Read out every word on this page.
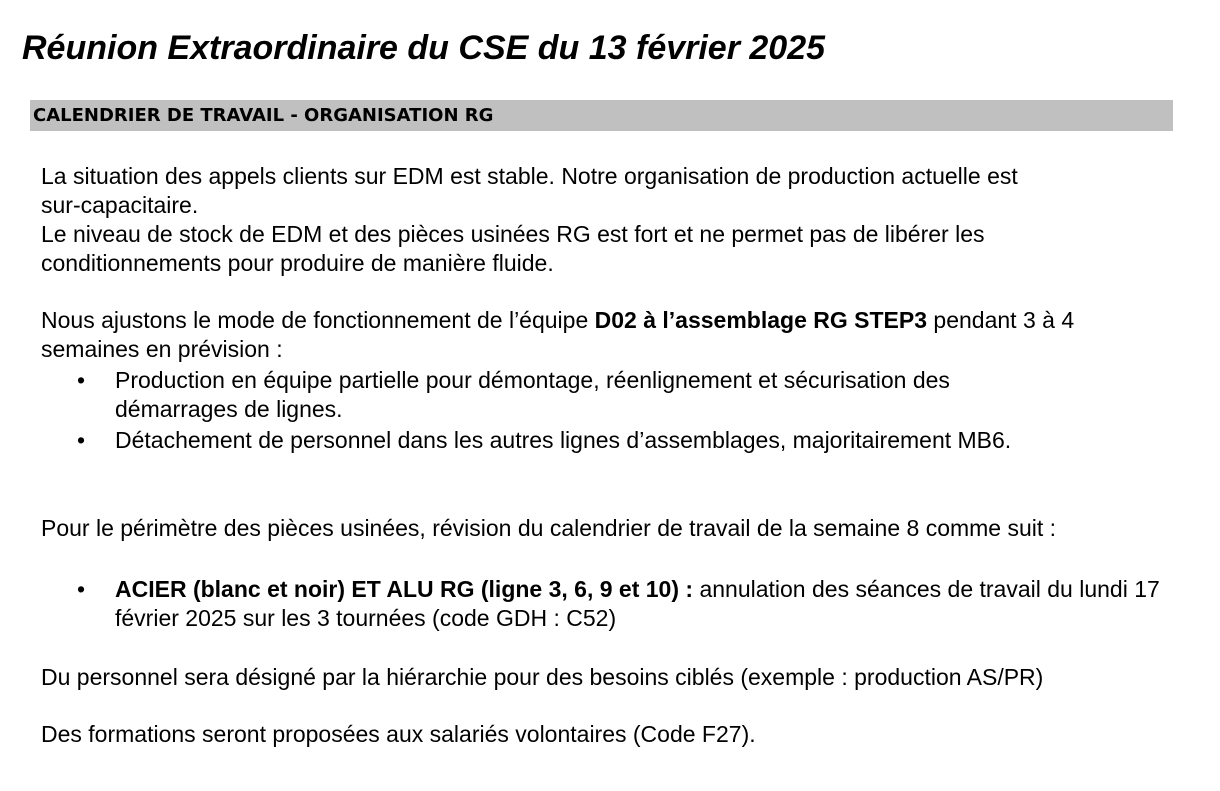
Réunion Extraordinaire du CSE du 13 février 2025
CALENDRIER DE TRAVAIL - ORGANISATION RG

La situation des appels clients sur EDM est stable. Notre organisation de production actuelle est
sur-capacitaire.
Le niveau de stock de EDM et des pièces usinées RG est fort et ne permet pas de libérer les
conditionnements pour produire de manière fluide.

Nous ajustons le mode de fonctionnement de l’équipe D02 à l’assemblage RG STEP3 pendant 3 à 4
semaines en prévision :

• Production en équipe partielle pour démontage, réenlignement et sécurisation des
démarrages de lignes.
• Détachement de personnel dans les autres lignes d’assemblages, majoritairement MB6.

Pour le périmètre des pièces usinées, révision du calendrier de travail de la semaine 8 comme suit :

• ACIER (blanc et noir) ET ALU RG (ligne 3, 6, 9 et 10) : annulation des séances de travail du lundi 17
février 2025 sur les 3 tournées (code GDH : C52)

Du personnel sera désigné par la hiérarchie pour des besoins ciblés (exemple : production AS/PR)

Des formations seront proposées aux salariés volontaires (Code F27).
